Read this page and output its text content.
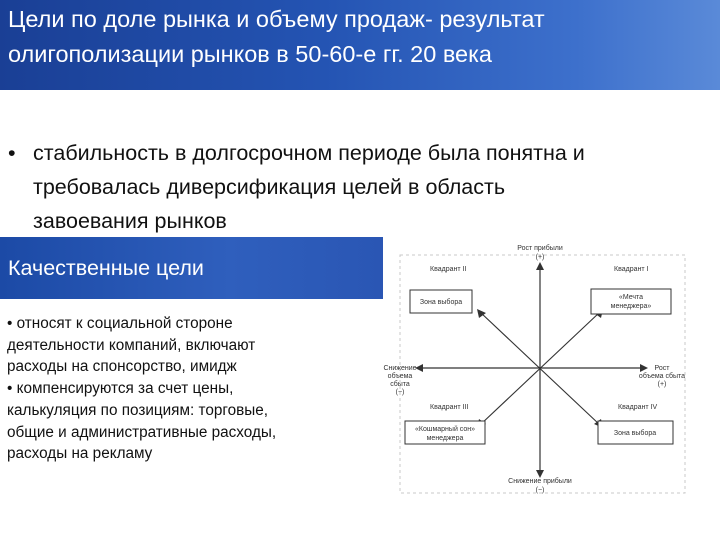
Цели по доле рынка и объему продаж- результат
олигополизации рынков в 50-60-е гг. 20 века
• стабильность в долгосрочном периоде была понятна и
требовалась диверсификация целей в область
завоевания рынков
Качественные цели
• относят к социальной стороне
деятельности компаний, включают
расходы на спонсорство, имидж
• компенсируются за счет цены,
калькуляция по позициям: торговые,
общие и административные расходы,
расходы на рекламу
Рост прибыли
(+)
Снижение прибыли
(−)
Рост
объема сбыта
(+)
Снижение
объема
сбыта
(−)
Квадрант II	Квадрант I
Квадрант III	Квадрант IV
Зона выбора
«Мечта
менеджера»
«Кошмарный сон»
менеджера
Зона выбора
